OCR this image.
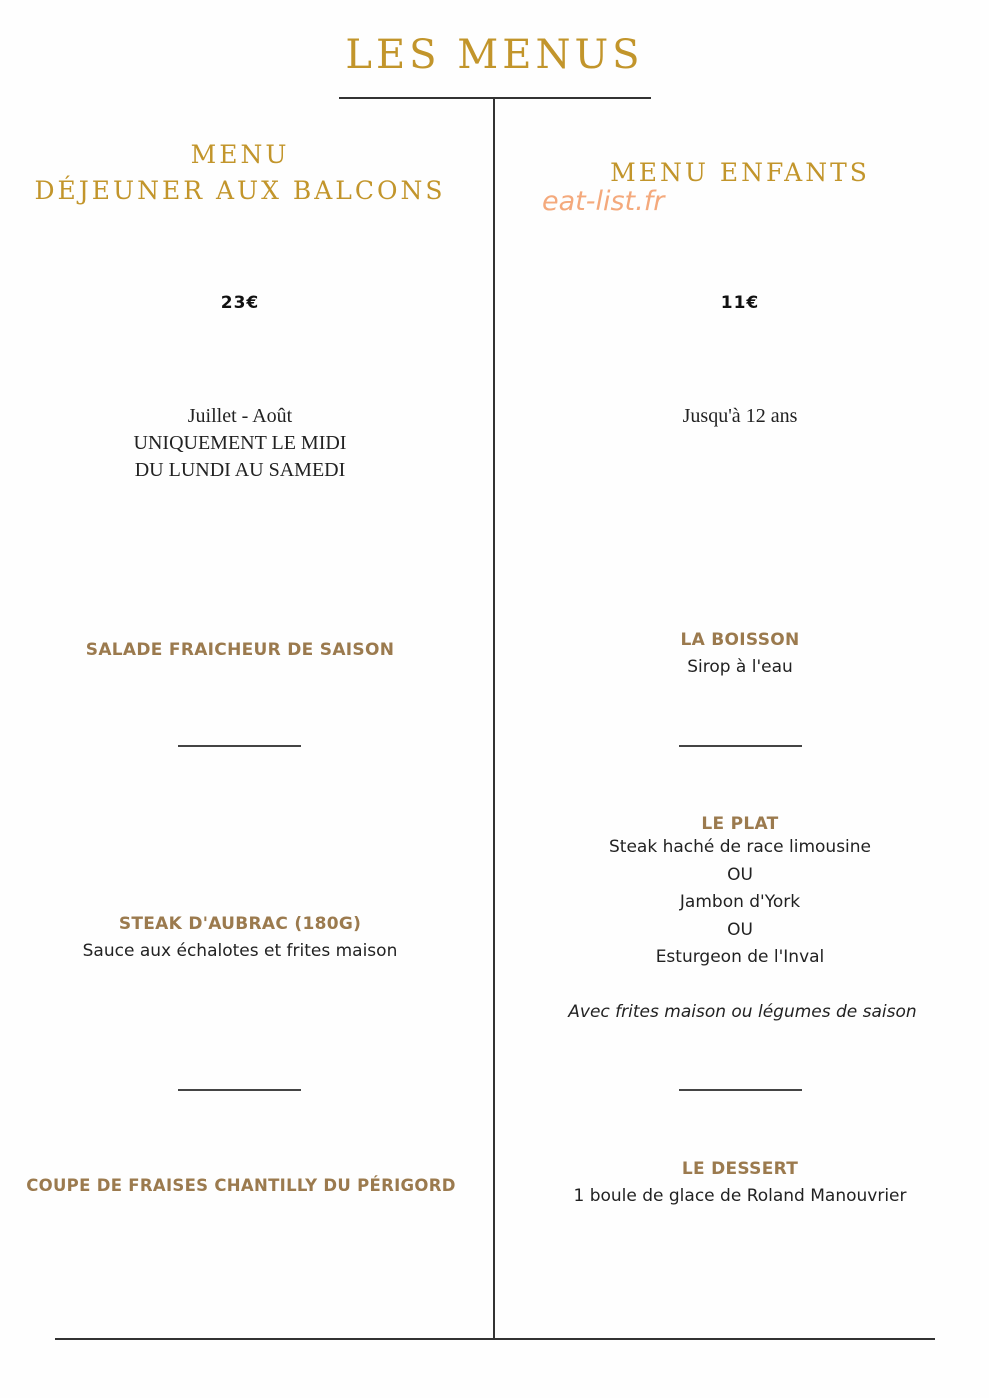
LES MENUS
MENU
DÉJEUNER AUX BALCONS
23€
Juillet - Août
UNIQUEMENT LE MIDI
DU LUNDI AU SAMEDI
SALADE FRAICHEUR DE SAISON
STEAK D'AUBRAC (180G)
Sauce aux échalotes et frites maison
COUPE DE FRAISES CHANTILLY DU PÉRIGORD
MENU ENFANTS
eat-list.fr
11€
Jusqu'à 12 ans
LA BOISSON
Sirop à l'eau
LE PLAT
Steak haché de race limousine
OU
Jambon d'York
OU
Esturgeon de l'Inval
Avec frites maison ou légumes de saison
LE DESSERT
1 boule de glace de Roland Manouvrier
